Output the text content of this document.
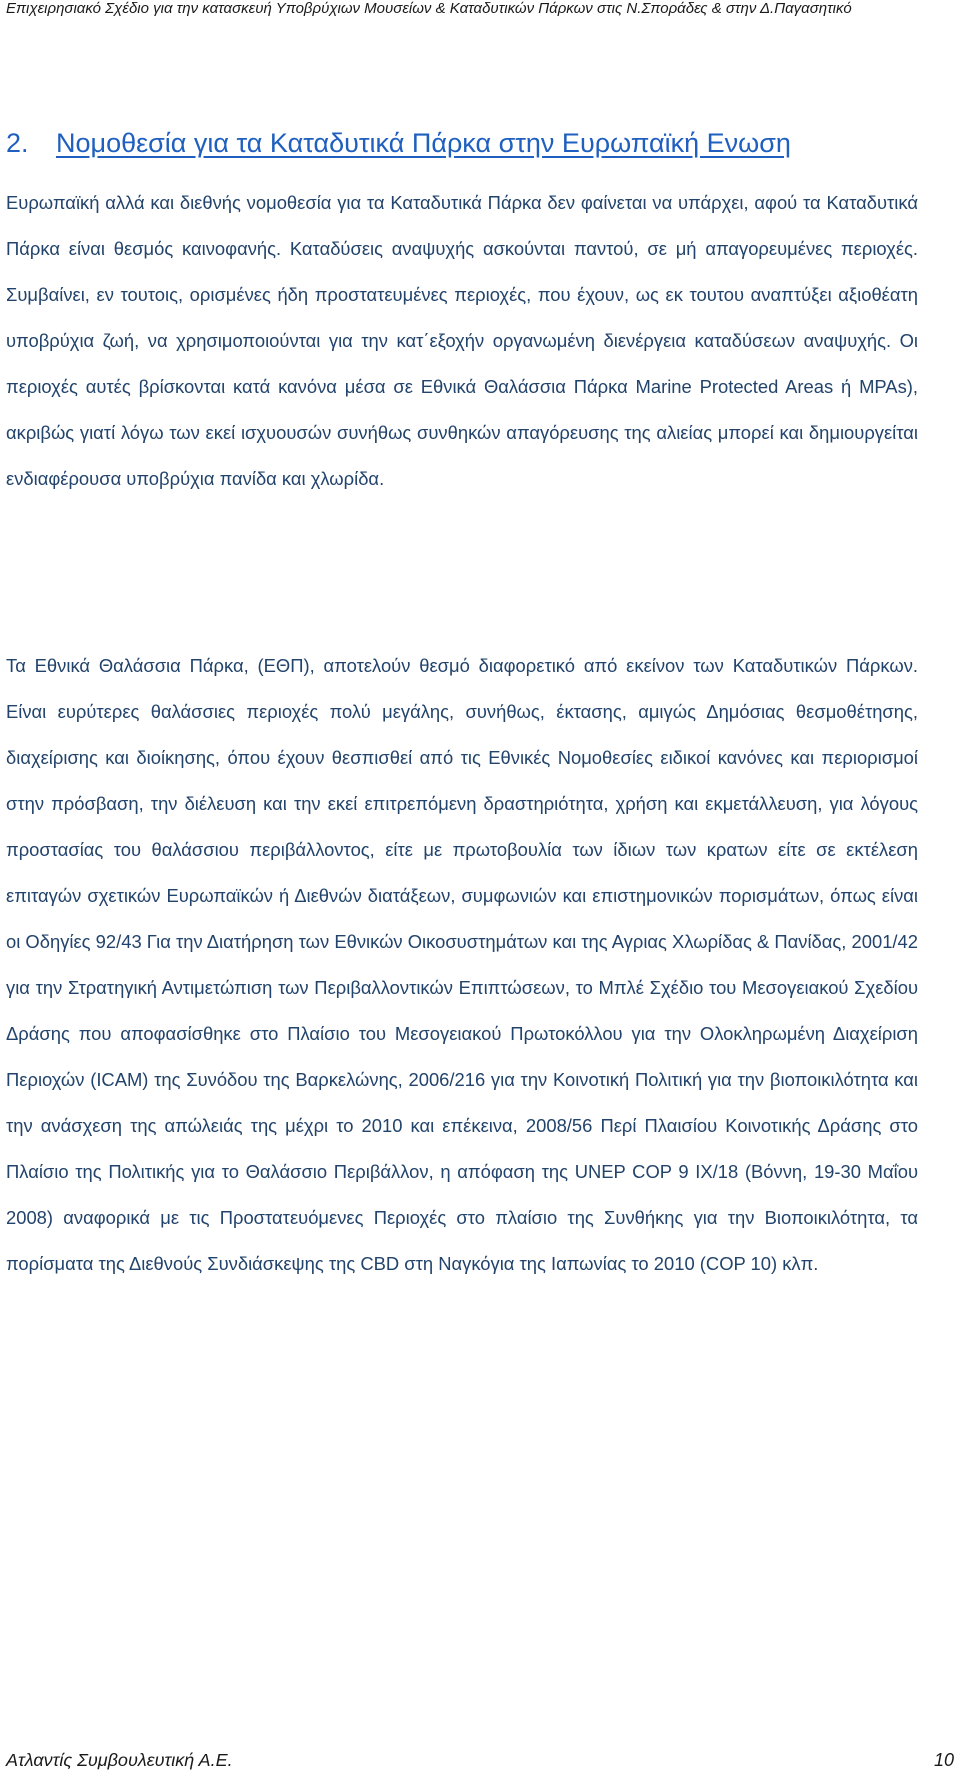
Επιχειρησιακό Σχέδιο για την κατασκευή Υποβρύχιων Μουσείων & Καταδυτικών Πάρκων στις Ν.Σποράδες & στην Δ.Παγασητικό
2. Νομοθεσία για τα Καταδυτικά Πάρκα στην Ευρωπαϊκή Ενωση

Ευρωπαϊκή αλλά και διεθνής νομοθεσία για τα Καταδυτικά Πάρκα δεν φαίνεται να υπάρχει, αφού τα Καταδυτικά Πάρκα είναι θεσμός καινοφανής. Καταδύσεις αναψυχής ασκούνται παντού, σε μή απαγορευμένες περιοχές. Συμβαίνει, εν τουτοις, ορισμένες ήδη προστατευμένες περιοχές, που έχουν, ως εκ τουτου αναπτύξει αξιοθέατη υποβρύχια ζωή, να χρησιμοποιούνται για την κατ΄εξοχήν οργανωμένη διενέργεια καταδύσεων αναψυχής. Οι περιοχές αυτές βρίσκονται κατά κανόνα μέσα σε Εθνικά Θαλάσσια Πάρκα Marine Protected Areas ή MPAs), ακριβώς γιατί λόγω των εκεί ισχυουσών συνήθως συνθηκών απαγόρευσης της αλιείας μπορεί και δημιουργείται ενδιαφέρουσα υποβρύχια πανίδα και χλωρίδα.

Τα Εθνικά Θαλάσσια Πάρκα, (ΕΘΠ), αποτελούν θεσμό διαφορετικό από εκείνον των Καταδυτικών Πάρκων. Είναι ευρύτερες θαλάσσιες περιοχές πολύ μεγάλης, συνήθως, έκτασης, αμιγώς Δημόσιας θεσμοθέτησης, διαχείρισης και διοίκησης, όπου έχουν θεσπισθεί από τις Εθνικές Νομοθεσίες ειδικοί κανόνες και περιορισμοί στην πρόσβαση, την διέλευση και την εκεί επιτρεπόμενη δραστηριότητα, χρήση και εκμετάλλευση, για λόγους προστασίας του θαλάσσιου περιβάλλοντος, είτε με πρωτοβουλία των ίδιων των κρατων είτε σε εκτέλεση επιταγών σχετικών Ευρωπαϊκών ή Διεθνών διατάξεων, συμφωνιών και επιστημονικών πορισμάτων, όπως είναι οι Οδηγίες 92/43 Για την Διατήρηση των Εθνικών Οικοσυστημάτων και της Αγριας Χλωρίδας & Πανίδας, 2001/42 για την Στρατηγική Αντιμετώπιση των Περιβαλλοντικών Επιπτώσεων, το Μπλέ Σχέδιο του Μεσογειακού Σχεδίου Δράσης που αποφασίσθηκε στο Πλαίσιο του Μεσογειακού Πρωτοκόλλου για την Ολοκληρωμένη Διαχείριση Περιοχών (ICAM) της Συνόδου της Βαρκελώνης, 2006/216 για την Κοινοτική Πολιτική για την βιοποικιλότητα και την ανάσχεση της απώλειάς της μέχρι το 2010 και επέκεινα, 2008/56 Περί Πλαισίου Κοινοτικής Δράσης στο Πλαίσιο της Πολιτικής για το Θαλάσσιο Περιβάλλον, η απόφαση της UNEP COP 9 IX/18 (Βόννη, 19-30 Μαΐου 2008) αναφορικά με τις Προστατευόμενες Περιοχές στο πλαίσιο της Συνθήκης για την Βιοποικιλότητα, τα πορίσματα της Διεθνούς Συνδιάσκεψης της CBD στη Ναγκόγια της Ιαπωνίας το 2010 (COP 10) κλπ.

Ατλαντίς Συμβουλευτική Α.Ε.	10
